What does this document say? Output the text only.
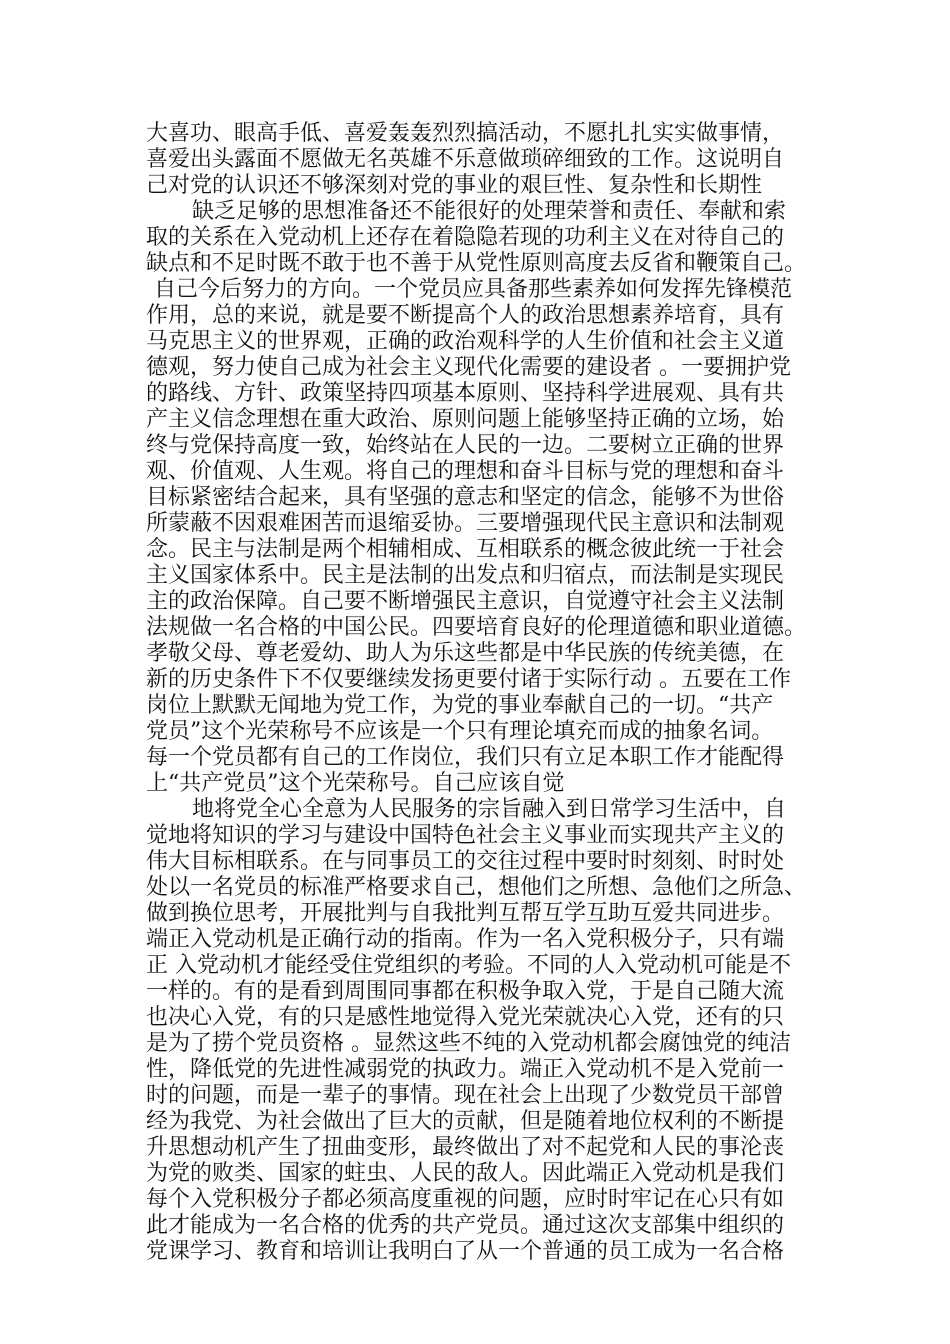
大喜功、眼高手低、喜爱轰轰烈烈搞活动，不愿扎扎实实做事情，
喜爱出头露面不愿做无名英雄不乐意做琐碎细致的工作。这说明自
己对党的认识还不够深刻对党的事业的艰巨性、复杂性和长期性
缺乏足够的思想准备还不能很好的处理荣誉和责任、奉献和索
取的关系在入党动机上还存在着隐隐若现的功利主义在对待自己的
缺点和不足时既不敢于也不善于从党性原则高度去反省和鞭策自己。
自己今后努力的方向。一个党员应具备那些素养如何发挥先锋模范
作用，总的来说，就是要不断提高个人的政治思想素养培育，具有
马克思主义的世界观，正确的政治观科学的人生价值和社会主义道
德观，努力使自己成为社会主义现代化需要的建设者 。一要拥护党
的路线、方针、政策坚持四项基本原则、坚持科学进展观、具有共
产主义信念理想在重大政治、原则问题上能够坚持正确的立场，始
终与党保持高度一致，始终站在人民的一边。二要树立正确的世界
观、价值观、人生观。将自己的理想和奋斗目标与党的理想和奋斗
目标紧密结合起来，具有坚强的意志和坚定的信念，能够不为世俗
所蒙蔽不因艰难困苦而退缩妥协。三要增强现代民主意识和法制观
念。民主与法制是两个相辅相成、互相联系的概念彼此统一于社会
主义国家体系中。民主是法制的出发点和归宿点，而法制是实现民
主的政治保障。自己要不断增强民主意识，自觉遵守社会主义法制
法规做一名合格的中国公民。四要培育良好的伦理道德和职业道德。
孝敬父母、尊老爱幼、助人为乐这些都是中华民族的传统美德，在
新的历史条件下不仅要继续发扬更要付诸于实际行动 。五要在工作
岗位上默默无闻地为党工作，为党的事业奉献自己的一切。“共产
党员”这个光荣称号不应该是一个只有理论填充而成的抽象名词。
每一个党员都有自己的工作岗位，我们只有立足本职工作才能配得
上“共产党员”这个光荣称号。自己应该自觉
地将党全心全意为人民服务的宗旨融入到日常学习生活中，自
觉地将知识的学习与建设中国特色社会主义事业而实现共产主义的
伟大目标相联系。在与同事员工的交往过程中要时时刻刻、时时处
处以一名党员的标准严格要求自己，想他们之所想、急他们之所急、
做到换位思考，开展批判与自我批判互帮互学互助互爱共同进步。
端正入党动机是正确行动的指南。作为一名入党积极分子，只有端
正 入党动机才能经受住党组织的考验。不同的人入党动机可能是不
一样的。有的是看到周围同事都在积极争取入党，于是自己随大流
也决心入党，有的只是感性地觉得入党光荣就决心入党，还有的只
是为了捞个党员资格 。显然这些不纯的入党动机都会腐蚀党的纯洁
性，降低党的先进性减弱党的执政力。端正入党动机不是入党前一
时的问题，而是一辈子的事情。现在社会上出现了少数党员干部曾
经为我党、为社会做出了巨大的贡献，但是随着地位权利的不断提
升思想动机产生了扭曲变形，最终做出了对不起党和人民的事沦丧
为党的败类、国家的蛀虫、人民的敌人。因此端正入党动机是我们
每个入党积极分子都必须高度重视的问题，应时时牢记在心只有如
此才能成为一名合格的优秀的共产党员。通过这次支部集中组织的
党课学习、教育和培训让我明白了从一个普通的员工成为一名合格
